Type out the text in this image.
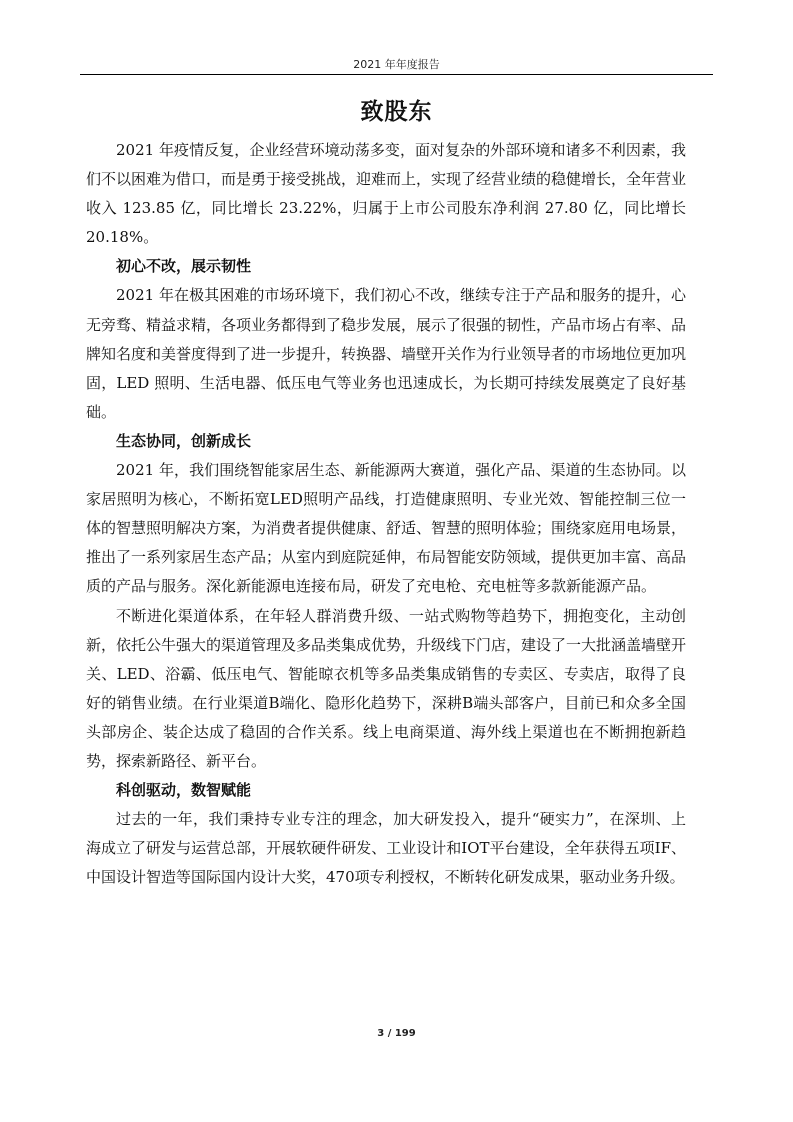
2021 年年度报告
致股东

2021 年疫情反复，企业经营环境动荡多变，面对复杂的外部环境和诸多不利因素，我们不以困难为借口，而是勇于接受挑战，迎难而上，实现了经营业绩的稳健增长，全年营业收入 123.85 亿，同比增长 23.22%，归属于上市公司股东净利润 27.80 亿，同比增长 20.18%。

初心不改，展示韧性

2021 年在极其困难的市场环境下，我们初心不改，继续专注于产品和服务的提升，心无旁骛、精益求精，各项业务都得到了稳步发展，展示了很强的韧性，产品市场占有率、品牌知名度和美誉度得到了进一步提升，转换器、墙壁开关作为行业领导者的市场地位更加巩固，LED 照明、生活电器、低压电气等业务也迅速成长，为长期可持续发展奠定了良好基础。

生态协同，创新成长

2021 年，我们围绕智能家居生态、新能源两大赛道，强化产品、渠道的生态协同。以家居照明为核心，不断拓宽LED照明产品线，打造健康照明、专业光效、智能控制三位一体的智慧照明解决方案，为消费者提供健康、舒适、智慧的照明体验；围绕家庭用电场景，推出了一系列家居生态产品；从室内到庭院延伸，布局智能安防领域，提供更加丰富、高品质的产品与服务。深化新能源电连接布局，研发了充电枪、充电桩等多款新能源产品。

不断进化渠道体系，在年轻人群消费升级、一站式购物等趋势下，拥抱变化，主动创新，依托公牛强大的渠道管理及多品类集成优势，升级线下门店，建设了一大批涵盖墙壁开关、LED、浴霸、低压电气、智能晾衣机等多品类集成销售的专卖区、专卖店，取得了良好的销售业绩。在行业渠道B端化、隐形化趋势下，深耕B端头部客户，目前已和众多全国头部房企、装企达成了稳固的合作关系。线上电商渠道、海外线上渠道也在不断拥抱新趋势，探索新路径、新平台。

科创驱动，数智赋能

过去的一年，我们秉持专业专注的理念，加大研发投入，提升“硬实力”，在深圳、上海成立了研发与运营总部，开展软硬件研发、工业设计和IOT平台建设，全年获得五项IF、中国设计智造等国际国内设计大奖，470项专利授权，不断转化研发成果，驱动业务升级。

3 / 199
